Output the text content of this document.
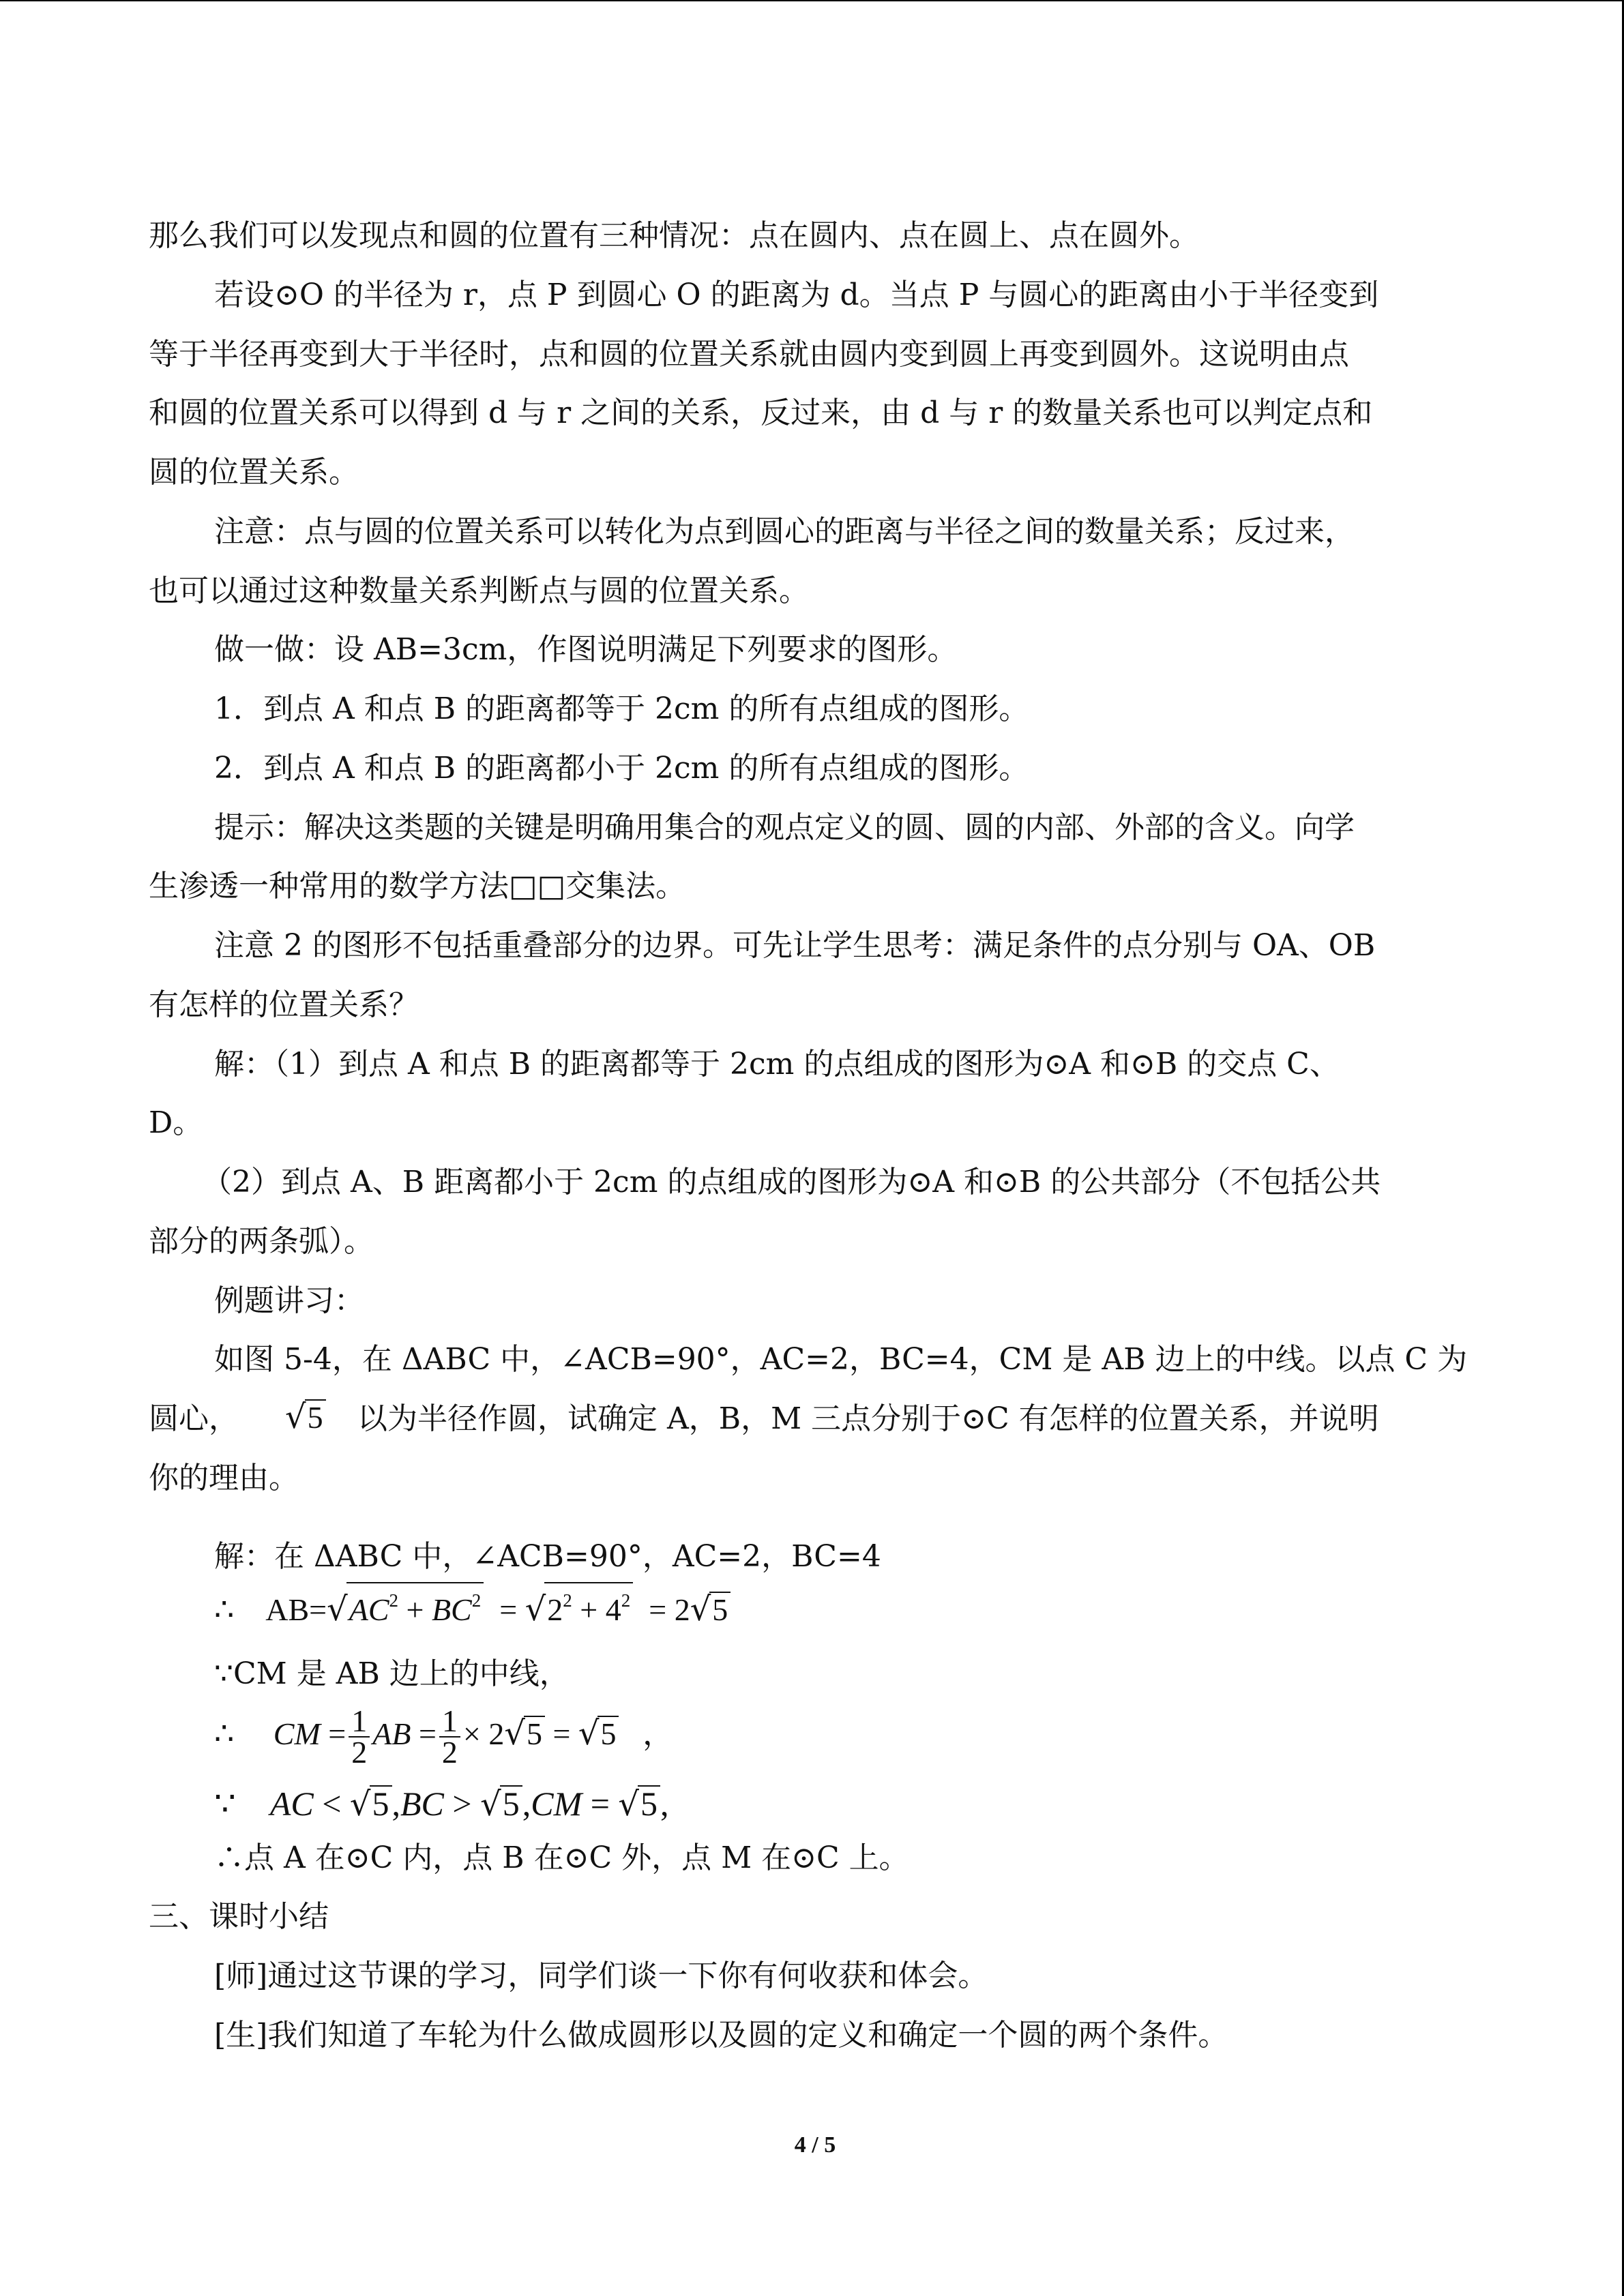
那么我们可以发现点和圆的位置有三种情况：点在圆内、点在圆上、点在圆外。

若设⊙O 的半径为 r，点 P 到圆心 O 的距离为 d。当点 P 与圆心的距离由小于半径变到

等于半径再变到大于半径时，点和圆的位置关系就由圆内变到圆上再变到圆外。这说明由点

和圆的位置关系可以得到 d 与 r 之间的关系，反过来，由 d 与 r 的数量关系也可以判定点和

圆的位置关系。

注意：点与圆的位置关系可以转化为点到圆心的距离与半径之间的数量关系；反过来，

也可以通过这种数量关系判断点与圆的位置关系。

做一做：设 AB=3cm，作图说明满足下列要求的图形。

1．到点 A 和点 B 的距离都等于 2cm 的所有点组成的图形。

2．到点 A 和点 B 的距离都小于 2cm 的所有点组成的图形。

提示：解决这类题的关键是明确用集合的观点定义的圆、圆的内部、外部的含义。向学

生渗透一种常用的数学方法□□交集法。

注意 2 的图形不包括重叠部分的边界。可先让学生思考：满足条件的点分别与 OA、OB

有怎样的位置关系？

解：（1）到点 A 和点 B 的距离都等于 2cm 的点组成的图形为⊙A 和⊙B 的交点 C、

D。

（2）到点 A、B 距离都小于 2cm 的点组成的图形为⊙A 和⊙B 的公共部分（不包括公共

部分的两条弧）。

例题讲习：

如图 5-4，在 ΔABC 中，∠ACB=90°，AC=2，BC=4，CM 是 AB 边上的中线。以点 C 为

圆心， √5 以为半径作圆，试确定 A，B，M 三点分别于⊙C 有怎样的位置关系，并说明

你的理由。

解：在 ΔABC 中，∠ACB=90°，AC=2，BC=4

∴ $AB=√AC^2 + BC^2 = √2^2 + 4^2 = 2√5$

∵CM 是 AB 边上的中线，

∴ CM = $\frac{1}{2}$ AB = $\frac{1}{2} \times 2√5 = √5$ ，
∵ AC < √5,BC > √5,CM = √5,

∴点 A 在⊙C 内，点 B 在⊙C 外，点 M 在⊙C 上。

三、课时小结

[师]通过这节课的学习，同学们谈一下你有何收获和体会。

[生]我们知道了车轮为什么做成圆形以及圆的定义和确定一个圆的两个条件。

4 / 5
